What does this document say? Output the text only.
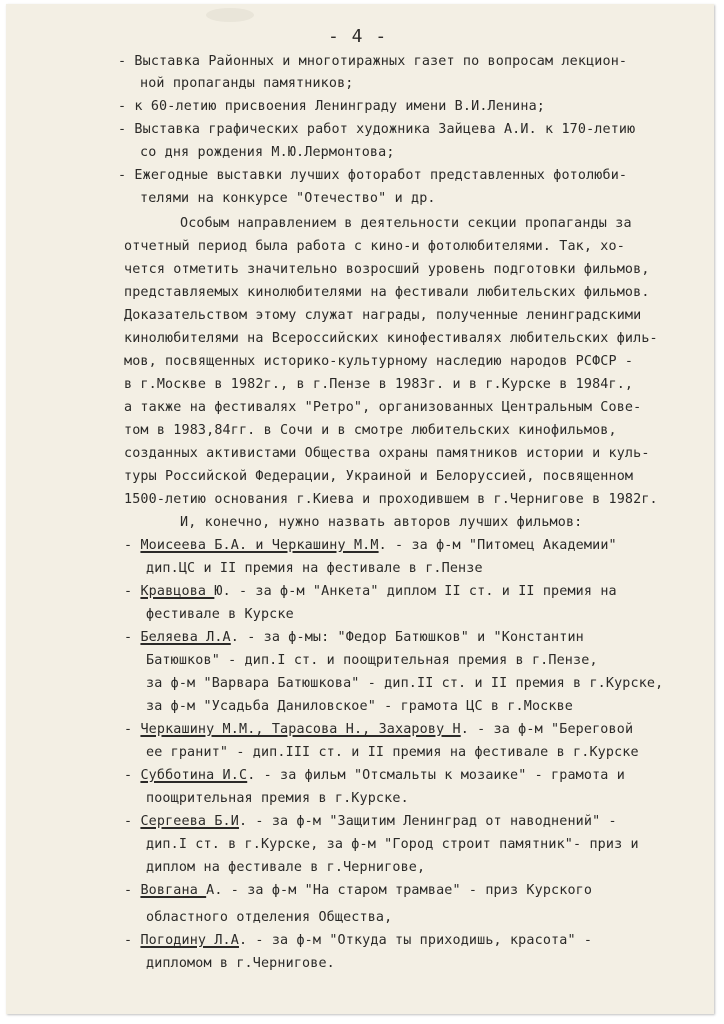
- 4 -
- Выставка Районных и многотиражных газет по вопросам лекцион-
ной пропаганды памятников;
- к 60-летию присвоения Ленинграду имени В.И.Ленина;
- Выставка графических работ художника Зайцева А.И. к 170-летию
со дня рождения М.Ю.Лермонтова;
- Ежегодные выставки лучших фоторабот представленных фотолюби-
телями на конкурсе "Отечество" и др.
Особым направлением в деятельности секции пропаганды за
отчетный период была работа с кино-и фотолюбителями. Так, хо-
чется отметить значительно возросший уровень подготовки фильмов,
представляемых кинолюбителями на фестивали любительских фильмов.
Доказательством этому служат награды, полученные ленинградскими
кинолюбителями на Всероссийских кинофестивалях любительских филь-
мов, посвященных историко-культурному наследию народов РСФСР -
в г.Москве в 1982г., в г.Пензе в 1983г. и в г.Курске в 1984г.,
а также на фестивалях "Ретро", организованных Центральным Сове-
том в 1983,84гг. в Сочи и в смотре любительских кинофильмов,
созданных активистами Общества охраны памятников истории и куль-
туры Российской Федерации, Украиной и Белоруссией, посвященном
1500-летию основания г.Киева и проходившем в г.Чернигове в 1982г.
И, конечно, нужно назвать авторов лучших фильмов:
- Моисеева Б.А. и Черкашину М.М. - за ф-м "Питомец Академии"
дип.ЦС и II премия на фестивале в г.Пензе
- Кравцова Ю. - за ф-м "Анкета" диплом II ст. и II премия на
фестивале в Курске
- Беляева Л.А. - за ф-мы: "Федор Батюшков" и "Константин
Батюшков" - дип.I ст. и поощрительная премия в г.Пензе,
за ф-м "Варвара Батюшкова" - дип.II ст. и II премия в г.Курске,
за ф-м "Усадьба Даниловское" - грамота ЦС в г.Москве
- Черкашину М.М., Тарасова Н., Захарову Н. - за ф-м "Береговой
ее гранит" - дип.III ст. и II премия на фестивале в г.Курске
- Субботина И.С. - за фильм "Отсмальты к мозаике" - грамота и
поощрительная премия в г.Курске.
- Сергеева Б.И. - за ф-м "Защитим Ленинград от наводнений" -
дип.I ст. в г.Курске, за ф-м "Город строит памятник"- приз и
диплом на фестивале в г.Чернигове,
- Вовгана А. - за ф-м "На старом трамвае" - приз Курского
областного отделения Общества,
- Погодину Л.А. - за ф-м "Откуда ты приходишь, красота" -
дипломом в г.Чернигове.
